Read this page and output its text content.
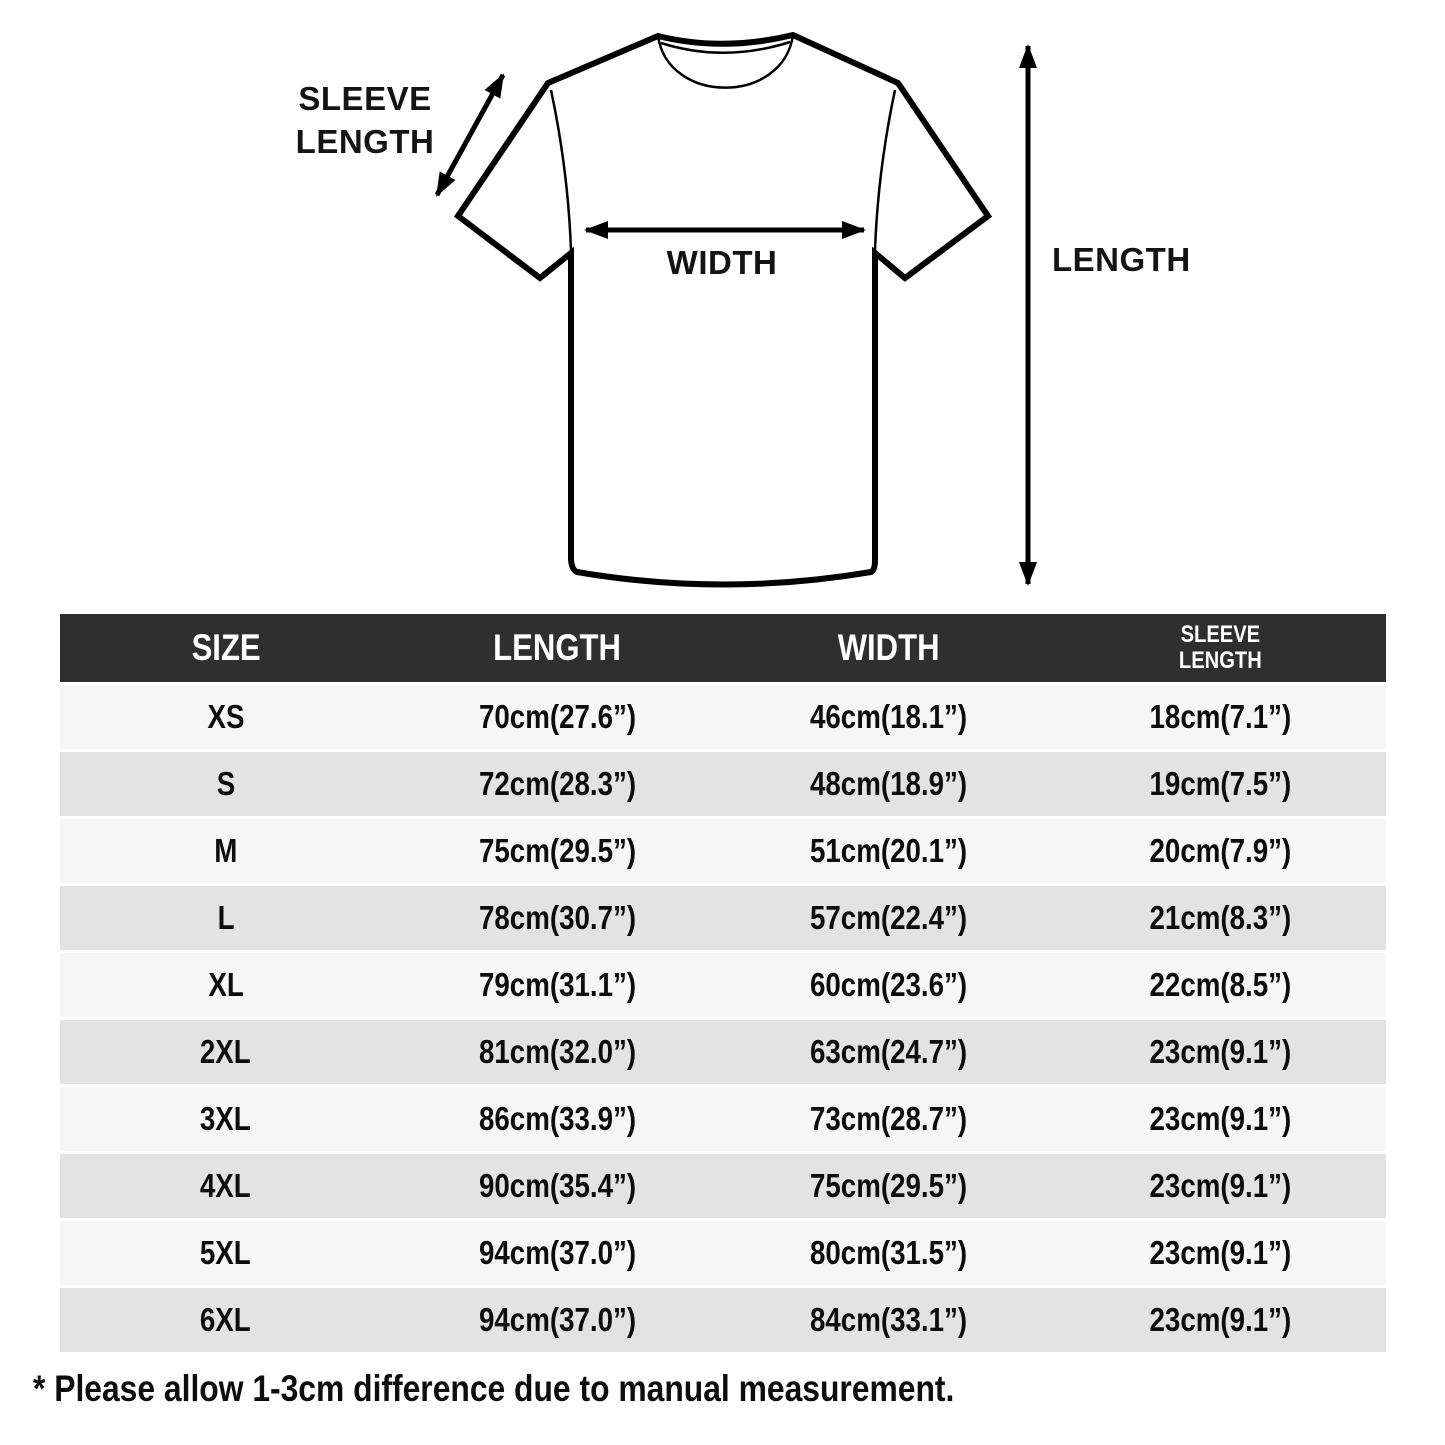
SLEEVE
LENGTH
WIDTH	LENGTH
SIZE	LENGTH	WIDTH	SLEEVE
LENGTH
XS	70cm(27.6”)	46cm(18.1”)	18cm(7.1”)
S	72cm(28.3”)	48cm(18.9”)	19cm(7.5”)
M	75cm(29.5”)	51cm(20.1”)	20cm(7.9”)
L	78cm(30.7”)	57cm(22.4”)	21cm(8.3”)
XL	79cm(31.1”)	60cm(23.6”)	22cm(8.5”)
2XL	81cm(32.0”)	63cm(24.7”)	23cm(9.1”)
3XL	86cm(33.9”)	73cm(28.7”)	23cm(9.1”)
4XL	90cm(35.4”)	75cm(29.5”)	23cm(9.1”)
5XL	94cm(37.0”)	80cm(31.5”)	23cm(9.1”)
6XL	94cm(37.0”)	84cm(33.1”)	23cm(9.1”)
* Please allow 1-3cm difference due to manual measurement.
